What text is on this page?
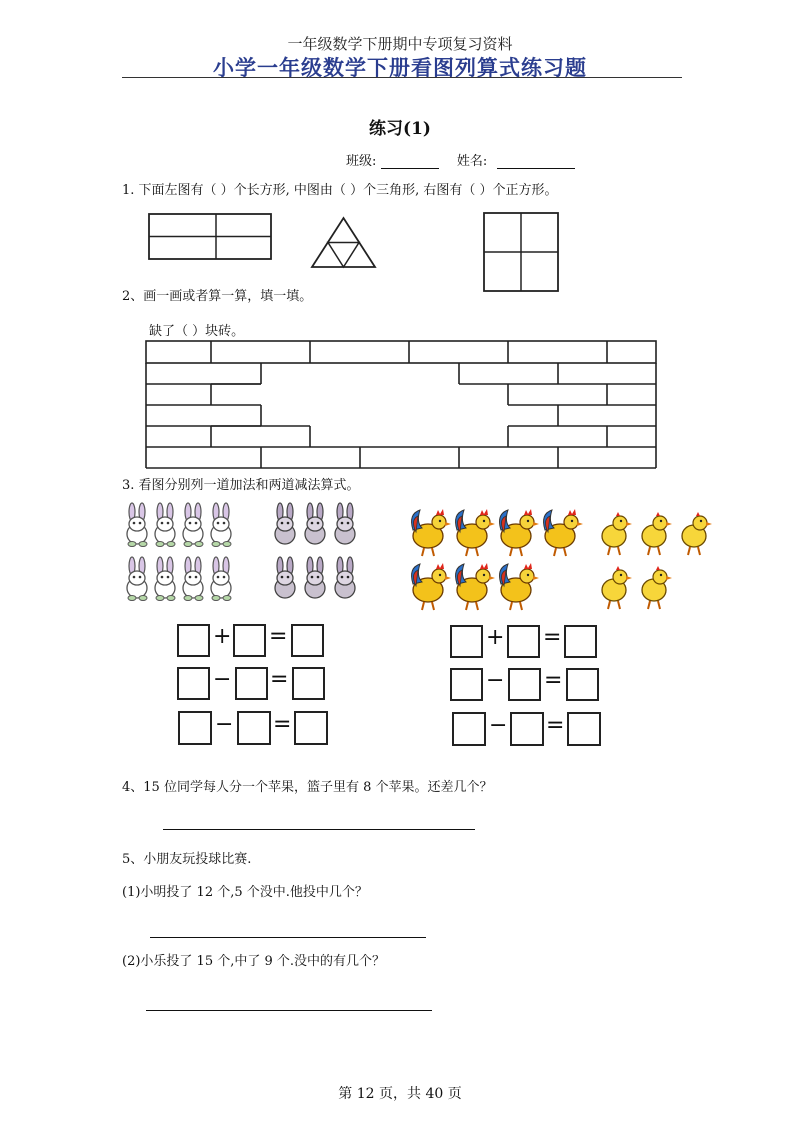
一年级数学下册期中专项复习资料
小学一年级数学下册看图列算式练习题
练习(1)
班级:	姓名:
1. 下面左图有（ ）个长方形, 中图由（ ）个三角形, 右图有（ ）个正方形。
2、画一画或者算一算，填一填。
缺了（ ）块砖。
3. 看图分别列一道加法和两道减法算式。
+ =
− =
− =
+ =
− =
− =
4、15 位同学每人分一个苹果，篮子里有 8 个苹果。还差几个？
5、小朋友玩投球比赛.
(1)小明投了 12 个,5 个没中.他投中几个？
(2)小乐投了 15 个,中了 9 个.没中的有几个？
第 12 页，共 40 页
